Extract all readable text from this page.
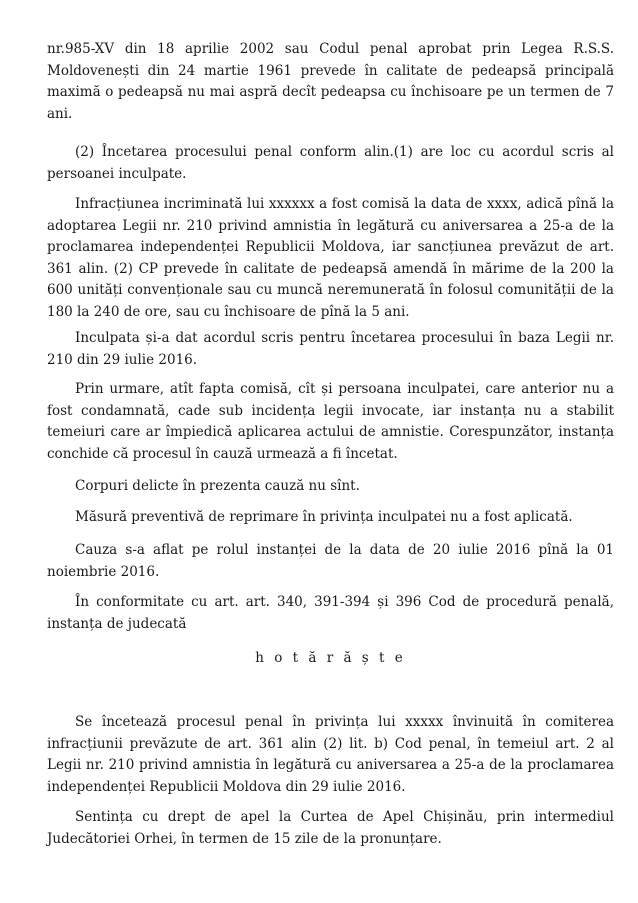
nr.985-XV din 18 aprilie 2002 sau Codul penal aprobat prin Legea R.S.S. Moldovenești din 24 martie 1961 prevede în calitate de pedeapsă principală maximă o pedeapsă nu mai aspră decît pedeapsa cu închisoare pe un termen de 7 ani.

(2) Încetarea procesului penal conform alin.(1) are loc cu acordul scris al persoanei inculpate.

Infracțiunea incriminată lui xxxxxx a fost comisă la data de xxxx, adică pînă la adoptarea Legii nr. 210 privind amnistia în legătură cu aniversarea a 25-a de la proclamarea independenței Republicii Moldova, iar sancțiunea prevăzut de art. 361 alin. (2) CP prevede în calitate de pedeapsă amendă în mărime de la 200 la 600 unități convenționale sau cu muncă neremunerată în folosul comunității de la 180 la 240 de ore, sau cu închisoare de pînă la 5 ani.

Inculpata și-a dat acordul scris pentru încetarea procesului în baza Legii nr. 210 din 29 iulie 2016.

Prin urmare, atît fapta comisă, cît și persoana inculpatei, care anterior nu a fost condamnată, cade sub incidența legii invocate, iar instanța nu a stabilit temeiuri care ar împiedică aplicarea actului de amnistie. Corespunzător, instanța conchide că procesul în cauză urmează a fi încetat.

Corpuri delicte în prezenta cauză nu sînt.

Măsură preventivă de reprimare în privința inculpatei nu a fost aplicată.

Cauza s-a aflat pe rolul instanței de la data de 20 iulie 2016 pînă la 01 noiembrie 2016.

În conformitate cu art. art. 340, 391-394 și 396 Cod de procedură penală, instanța de judecată

h o t ă r ă ș t e

Se încetează procesul penal în privința lui xxxxx învinuită în comiterea infracțiunii prevăzute de art. 361 alin (2) lit. b) Cod penal, în temeiul art. 2 al Legii nr. 210 privind amnistia în legătură cu aniversarea a 25-a de la proclamarea independenței Republicii Moldova din 29 iulie 2016.

Sentința cu drept de apel la Curtea de Apel Chișinău, prin intermediul Judecătoriei Orhei, în termen de 15 zile de la pronunțare.
